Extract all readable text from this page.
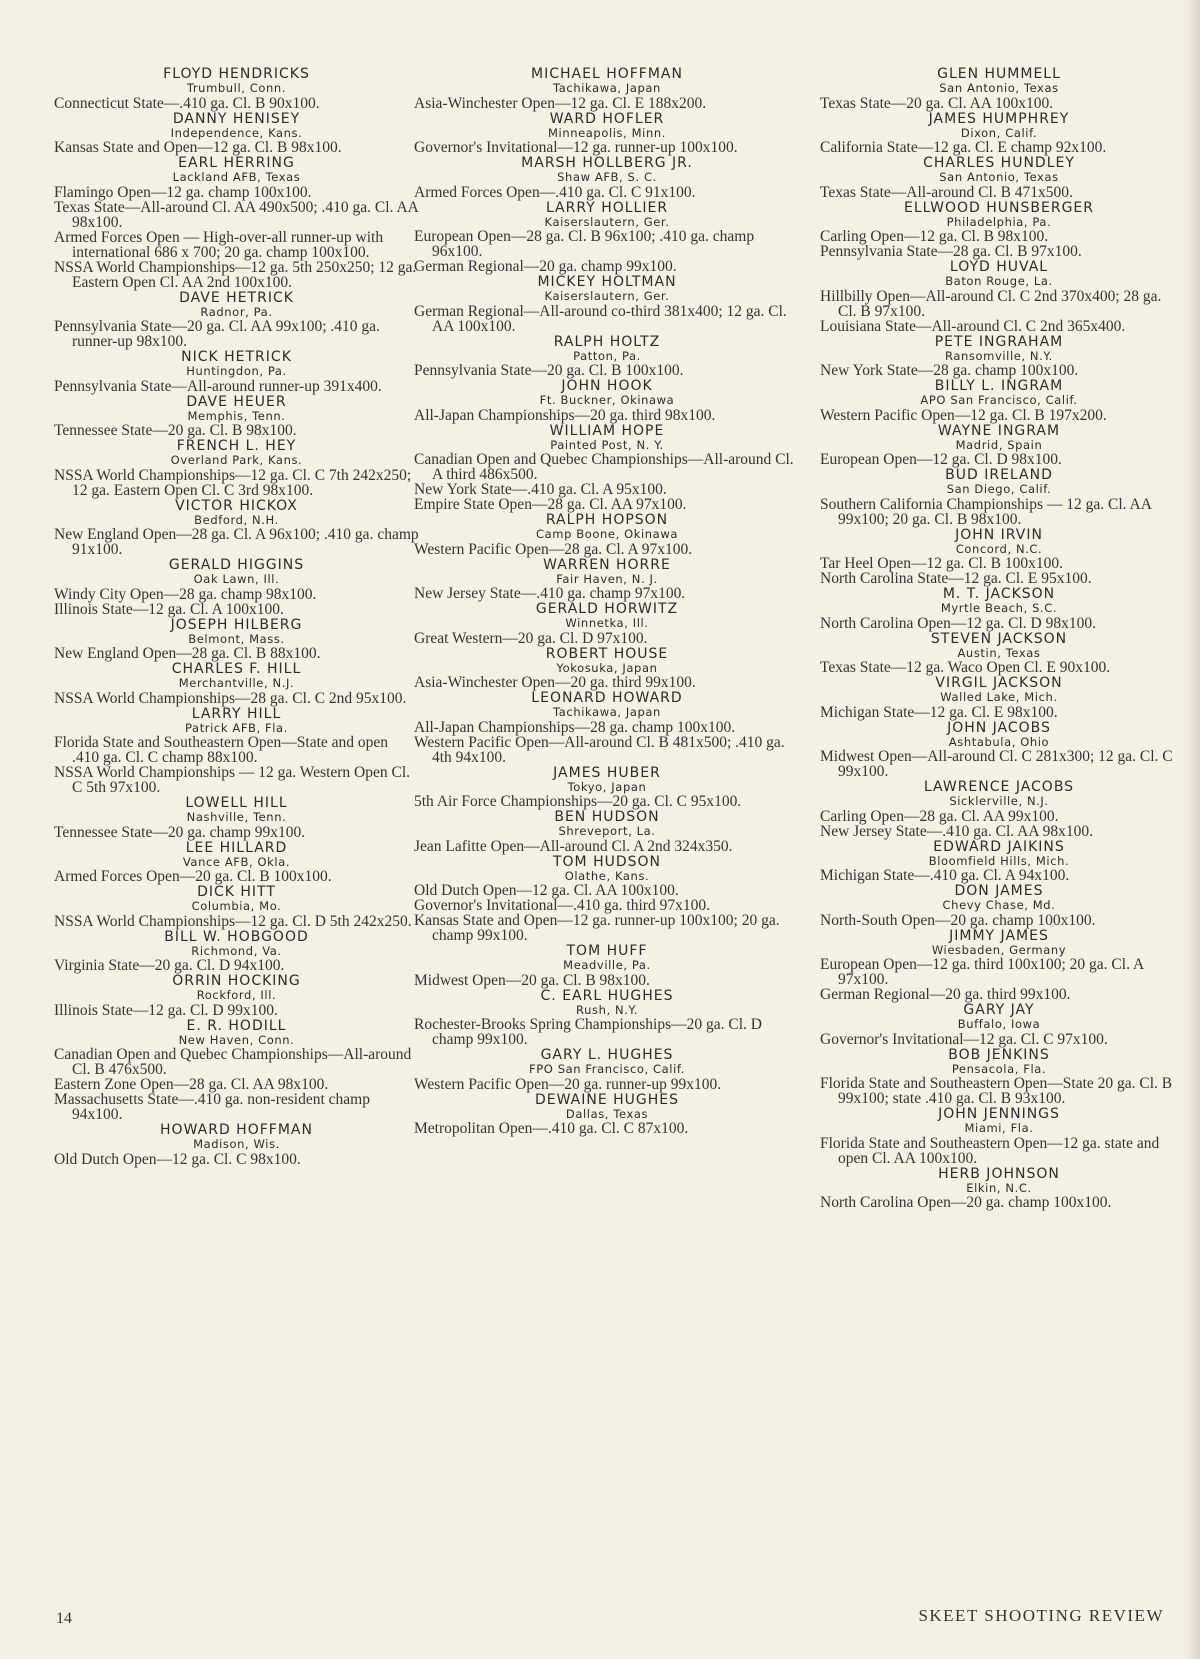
FLOYD HENDRICKS
Trumbull, Conn.
Connecticut State—.410 ga. Cl. B 90x100.
DANNY HENISEY
Independence, Kans.
Kansas State and Open—12 ga. Cl. B 98x100.
EARL HERRING
Lackland AFB, Texas
Flamingo Open—12 ga. champ 100x100.
Texas State—All-around Cl. AA 490x500; .410 ga. Cl. AA 98x100.
Armed Forces Open — High-over-all runner-up with international 686 x 700; 20 ga. champ 100x100.
NSSA World Championships—12 ga. 5th 250x250; 12 ga. Eastern Open Cl. AA 2nd 100x100.
DAVE HETRICK
Radnor, Pa.
Pennsylvania State—20 ga. Cl. AA 99x100; .410 ga. runner-up 98x100.
NICK HETRICK
Huntingdon, Pa.
Pennsylvania State—All-around runner-up 391x400.
DAVE HEUER
Memphis, Tenn.
Tennessee State—20 ga. Cl. B 98x100.
FRENCH L. HEY
Overland Park, Kans.
NSSA World Championships—12 ga. Cl. C 7th 242x250; 12 ga. Eastern Open Cl. C 3rd 98x100.
VICTOR HICKOX
Bedford, N.H.
New England Open—28 ga. Cl. A 96x100; .410 ga. champ 91x100.
GERALD HIGGINS
Oak Lawn, Ill.
Windy City Open—28 ga. champ 98x100.
Illinois State—12 ga. Cl. A 100x100.
JOSEPH HILBERG
Belmont, Mass.
New England Open—28 ga. Cl. B 88x100.
CHARLES F. HILL
Merchantville, N.J.
NSSA World Championships—28 ga. Cl. C 2nd 95x100.
LARRY HILL
Patrick AFB, Fla.
Florida State and Southeastern Open—State and open .410 ga. Cl. C champ 88x100.
NSSA World Championships — 12 ga. Western Open Cl. C 5th 97x100.
LOWELL HILL
Nashville, Tenn.
Tennessee State—20 ga. champ 99x100.
LEE HILLARD
Vance AFB, Okla.
Armed Forces Open—20 ga. Cl. B 100x100.
DICK HITT
Columbia, Mo.
NSSA World Championships—12 ga. Cl. D 5th 242x250.
BILL W. HOBGOOD
Richmond, Va.
Virginia State—20 ga. Cl. D 94x100.
ORRIN HOCKING
Rockford, Ill.
Illinois State—12 ga. Cl. D 99x100.
E. R. HODILL
New Haven, Conn.
Canadian Open and Quebec Championships—All-around Cl. B 476x500.
Eastern Zone Open—28 ga. Cl. AA 98x100.
Massachusetts State—.410 ga. non-resident champ 94x100.
HOWARD HOFFMAN
Madison, Wis.
Old Dutch Open—12 ga. Cl. C 98x100.
MICHAEL HOFFMAN
Tachikawa, Japan
Asia-Winchester Open—12 ga. Cl. E 188x200.
WARD HOFLER
Minneapolis, Minn.
Governor's Invitational—12 ga. runner-up 100x100.
MARSH HOLLBERG JR.
Shaw AFB, S. C.
Armed Forces Open—.410 ga. Cl. C 91x100.
LARRY HOLLIER
Kaiserslautern, Ger.
European Open—28 ga. Cl. B 96x100; .410 ga. champ 96x100.
German Regional—20 ga. champ 99x100.
MICKEY HOLTMAN
Kaiserslautern, Ger.
German Regional—All-around co-third 381x400; 12 ga. Cl. AA 100x100.
RALPH HOLTZ
Patton, Pa.
Pennsylvania State—20 ga. Cl. B 100x100.
JOHN HOOK
Ft. Buckner, Okinawa
All-Japan Championships—20 ga. third 98x100.
WILLIAM HOPE
Painted Post, N. Y.
Canadian Open and Quebec Championships—All-around Cl. A third 486x500.
New York State—.410 ga. Cl. A 95x100.
Empire State Open—28 ga. Cl. AA 97x100.
RALPH HOPSON
Camp Boone, Okinawa
Western Pacific Open—28 ga. Cl. A 97x100.
WARREN HORRE
Fair Haven, N. J.
New Jersey State—.410 ga. champ 97x100.
GERALD HORWITZ
Winnetka, Ill.
Great Western—20 ga. Cl. D 97x100.
ROBERT HOUSE
Yokosuka, Japan
Asia-Winchester Open—20 ga. third 99x100.
LEONARD HOWARD
Tachikawa, Japan
All-Japan Championships—28 ga. champ 100x100.
Western Pacific Open—All-around Cl. B 481x500; .410 ga. 4th 94x100.
JAMES HUBER
Tokyo, Japan
5th Air Force Championships—20 ga. Cl. C 95x100.
BEN HUDSON
Shreveport, La.
Jean Lafitte Open—All-around Cl. A 2nd 324x350.
TOM HUDSON
Olathe, Kans.
Old Dutch Open—12 ga. Cl. AA 100x100.
Governor's Invitational—.410 ga. third 97x100.
Kansas State and Open—12 ga. runner-up 100x100; 20 ga. champ 99x100.
TOM HUFF
Meadville, Pa.
Midwest Open—20 ga. Cl. B 98x100.
C. EARL HUGHES
Rush, N.Y.
Rochester-Brooks Spring Championships—20 ga. Cl. D champ 99x100.
GARY L. HUGHES
FPO San Francisco, Calif.
Western Pacific Open—20 ga. runner-up 99x100.
DEWAINE HUGHES
Dallas, Texas
Metropolitan Open—.410 ga. Cl. C 87x100.
GLEN HUMMELL
San Antonio, Texas
Texas State—20 ga. Cl. AA 100x100.
JAMES HUMPHREY
Dixon, Calif.
California State—12 ga. Cl. E champ 92x100.
CHARLES HUNDLEY
San Antonio, Texas
Texas State—All-around Cl. B 471x500.
ELLWOOD HUNSBERGER
Philadelphia, Pa.
Carling Open—12 ga. Cl. B 98x100.
Pennsylvania State—28 ga. Cl. B 97x100.
LOYD HUVAL
Baton Rouge, La.
Hillbilly Open—All-around Cl. C 2nd 370x400; 28 ga. Cl. B 97x100.
Louisiana State—All-around Cl. C 2nd 365x400.
PETE INGRAHAM
Ransomville, N.Y.
New York State—28 ga. champ 100x100.
BILLY L. INGRAM
APO San Francisco, Calif.
Western Pacific Open—12 ga. Cl. B 197x200.
WAYNE INGRAM
Madrid, Spain
European Open—12 ga. Cl. D 98x100.
BUD IRELAND
San Diego, Calif.
Southern California Championships — 12 ga. Cl. AA 99x100; 20 ga. Cl. B 98x100.
JOHN IRVIN
Concord, N.C.
Tar Heel Open—12 ga. Cl. B 100x100.
North Carolina State—12 ga. Cl. E 95x100.
M. T. JACKSON
Myrtle Beach, S.C.
North Carolina Open—12 ga. Cl. D 98x100.
STEVEN JACKSON
Austin, Texas
Texas State—12 ga. Waco Open Cl. E 90x100.
VIRGIL JACKSON
Walled Lake, Mich.
Michigan State—12 ga. Cl. E 98x100.
JOHN JACOBS
Ashtabula, Ohio
Midwest Open—All-around Cl. C 281x300; 12 ga. Cl. C 99x100.
LAWRENCE JACOBS
Sicklerville, N.J.
Carling Open—28 ga. Cl. AA 99x100.
New Jersey State—.410 ga. Cl. AA 98x100.
EDWARD JAIKINS
Bloomfield Hills, Mich.
Michigan State—.410 ga. Cl. A 94x100.
DON JAMES
Chevy Chase, Md.
North-South Open—20 ga. champ 100x100.
JIMMY JAMES
Wiesbaden, Germany
European Open—12 ga. third 100x100; 20 ga. Cl. A 97x100.
German Regional—20 ga. third 99x100.
GARY JAY
Buffalo, Iowa
Governor's Invitational—12 ga. Cl. C 97x100.
BOB JENKINS
Pensacola, Fla.
Florida State and Southeastern Open—State 20 ga. Cl. B 99x100; state .410 ga. Cl. B 93x100.
JOHN JENNINGS
Miami, Fla.
Florida State and Southeastern Open—12 ga. state and open Cl. AA 100x100.
HERB JOHNSON
Elkin, N.C.
North Carolina Open—20 ga. champ 100x100.
14	SKEET SHOOTING REVIEW
